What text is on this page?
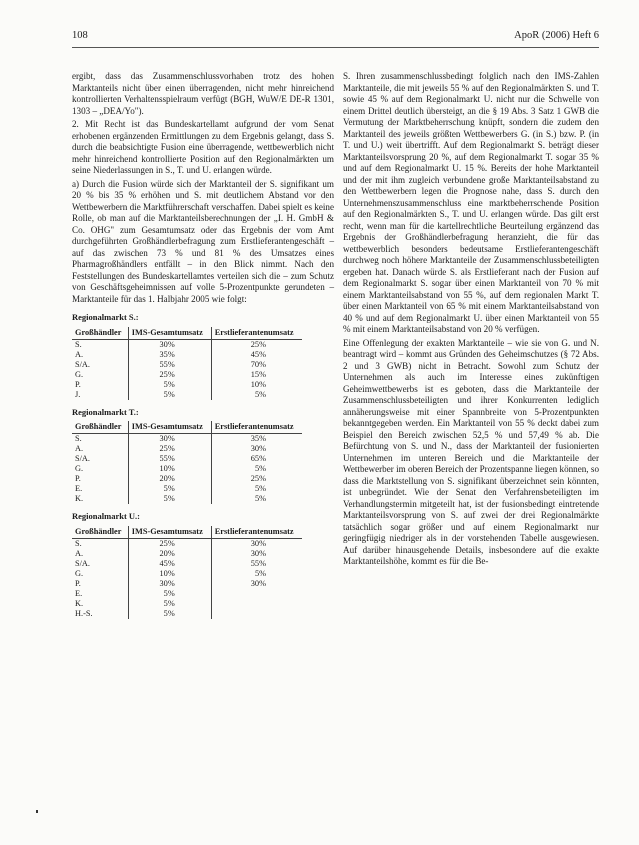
108	ApoR (2006) Heft 6

ergibt, dass das Zusammenschlussvorhaben trotz des hohen Marktanteils nicht über einen überragenden, nicht mehr hinreichend kontrollierten Verhaltensspielraum verfügt (BGH, WuW/E DE-R 1301, 1303 – „DEA/Yo").

2. Mit Recht ist das Bundeskartellamt aufgrund der vom Senat erhobenen ergänzenden Ermittlungen zu dem Ergebnis gelangt, dass S. durch die beabsichtigte Fusion eine überragende, wettbewerblich nicht mehr hinreichend kontrollierte Position auf den Regionalmärkten um seine Niederlassungen in S., T. und U. erlangen würde.

a) Durch die Fusion würde sich der Marktanteil der S. signifikant um 20 % bis 35 % erhöhen und S. mit deutlichem Abstand vor den Wettbewerbern die Marktführerschaft verschaffen. Dabei spielt es keine Rolle, ob man auf die Marktanteilsberechnungen der „I. H. GmbH & Co. OHG" zum Gesamtumsatz oder das Ergebnis der vom Amt durchgeführten Großhändlerbefragung zum Erstlieferantengeschäft – auf das zwischen 73 % und 81 % des Umsatzes eines Pharmagroßhändlers entfällt – in den Blick nimmt. Nach den Feststellungen des Bundeskartellamtes verteilen sich die – zum Schutz von Geschäftsgeheimnissen auf volle 5-Prozentpunkte gerundeten – Marktanteile für das 1. Halbjahr 2005 wie folgt:

Regionalmarkt S.:
Großhändler	IMS-Gesamtumsatz	Erstlieferantenumsatz
S.	30%	25%
A.	35%	45%
S/A.	55%	70%
G.	25%	15%
P.	5%	10%
J.	5%	5%
Regionalmarkt T.:
Großhändler	IMS-Gesamtumsatz	Erstlieferantenumsatz
S.	30%	35%
A.	25%	30%
S/A.	55%	65%
G.	10%	5%
P.	20%	25%
E.	5%	5%
K.	5%	5%
Regionalmarkt U.:
Großhändler	IMS-Gesamtumsatz	Erstlieferantenumsatz
S.	25%	30%
A.	20%	30%
S/A.	45%	55%
G.	10%	5%
P.	30%	30%
E.	5%	
K.	5%	
H.-S.	5%	

S. Ihren zusammenschlussbedingt folglich nach den IMS-Zahlen Marktanteile, die mit jeweils 55 % auf den Regionalmärkten S. und T. sowie 45 % auf dem Regionalmarkt U. nicht nur die Schwelle von einem Drittel deutlich übersteigt, an die § 19 Abs. 3 Satz 1 GWB die Vermutung der Marktbeherrschung knüpft, sondern die zudem den Marktanteil des jeweils größten Wettbewerbers G. (in S.) bzw. P. (in T. und U.) weit übertrifft. Auf dem Regionalmarkt S. beträgt dieser Marktanteilsvorsprung 20 %, auf dem Regionalmarkt T. sogar 35 % und auf dem Regionalmarkt U. 15 %. Bereits der hohe Marktanteil und der mit ihm zugleich verbundene große Marktanteilsabstand zu den Wettbewerbern legen die Prognose nahe, dass S. durch den Unternehmenszusammenschluss eine marktbeherrschende Position auf den Regionalmärkten S., T. und U. erlangen würde. Das gilt erst recht, wenn man für die kartellrechtliche Beurteilung ergänzend das Ergebnis der Großhändlerbefragung heranzieht, die für das wettbewerblich besonders bedeutsame Erstlieferantengeschäft durchweg noch höhere Marktanteile der Zusammenschlussbeteiligten ergeben hat. Danach würde S. als Erstlieferant nach der Fusion auf dem Regionalmarkt S. sogar über einen Marktanteil von 70 % mit einem Marktanteilsabstand von 55 %, auf dem regionalen Markt T. über einen Marktanteil von 65 % mit einem Marktanteilsabstand von 40 % und auf dem Regionalmarkt U. über einen Marktanteil von 55 % mit einem Marktanteilsabstand von 20 % verfügen.

Eine Offenlegung der exakten Marktanteile – wie sie von G. und N. beantragt wird – kommt aus Gründen des Geheimschutzes (§ 72 Abs. 2 und 3 GWB) nicht in Betracht. Sowohl zum Schutz der Unternehmen als auch im Interesse eines zukünftigen Geheimwettbewerbs ist es geboten, dass die Marktanteile der Zusammenschlussbeteiligten und ihrer Konkurrenten lediglich annäherungsweise mit einer Spannbreite von 5-Prozentpunkten bekanntgegeben werden. Ein Marktanteil von 55 % deckt dabei zum Beispiel den Bereich zwischen 52,5 % und 57,49 % ab. Die Befürchtung von S. und N., dass der Marktanteil der fusionierten Unternehmen im unteren Bereich und die Marktanteile der Wettbewerber im oberen Bereich der Prozentspanne liegen können, so dass die Marktstellung von S. signifikant überzeichnet sein könnten, ist unbegründet. Wie der Senat den Verfahrensbeteiligten im Verhandlungstermin mitgeteilt hat, ist der fusionsbedingt eintretende Marktanteilsvorsprung von S. auf zwei der drei Regionalmärkte tatsächlich sogar größer und auf einem Regionalmarkt nur geringfügig niedriger als in der vorstehenden Tabelle ausgewiesen. Auf darüber hinausgehende Details, insbesondere auf die exakte Marktanteilshöhe, kommt es für die Be-
